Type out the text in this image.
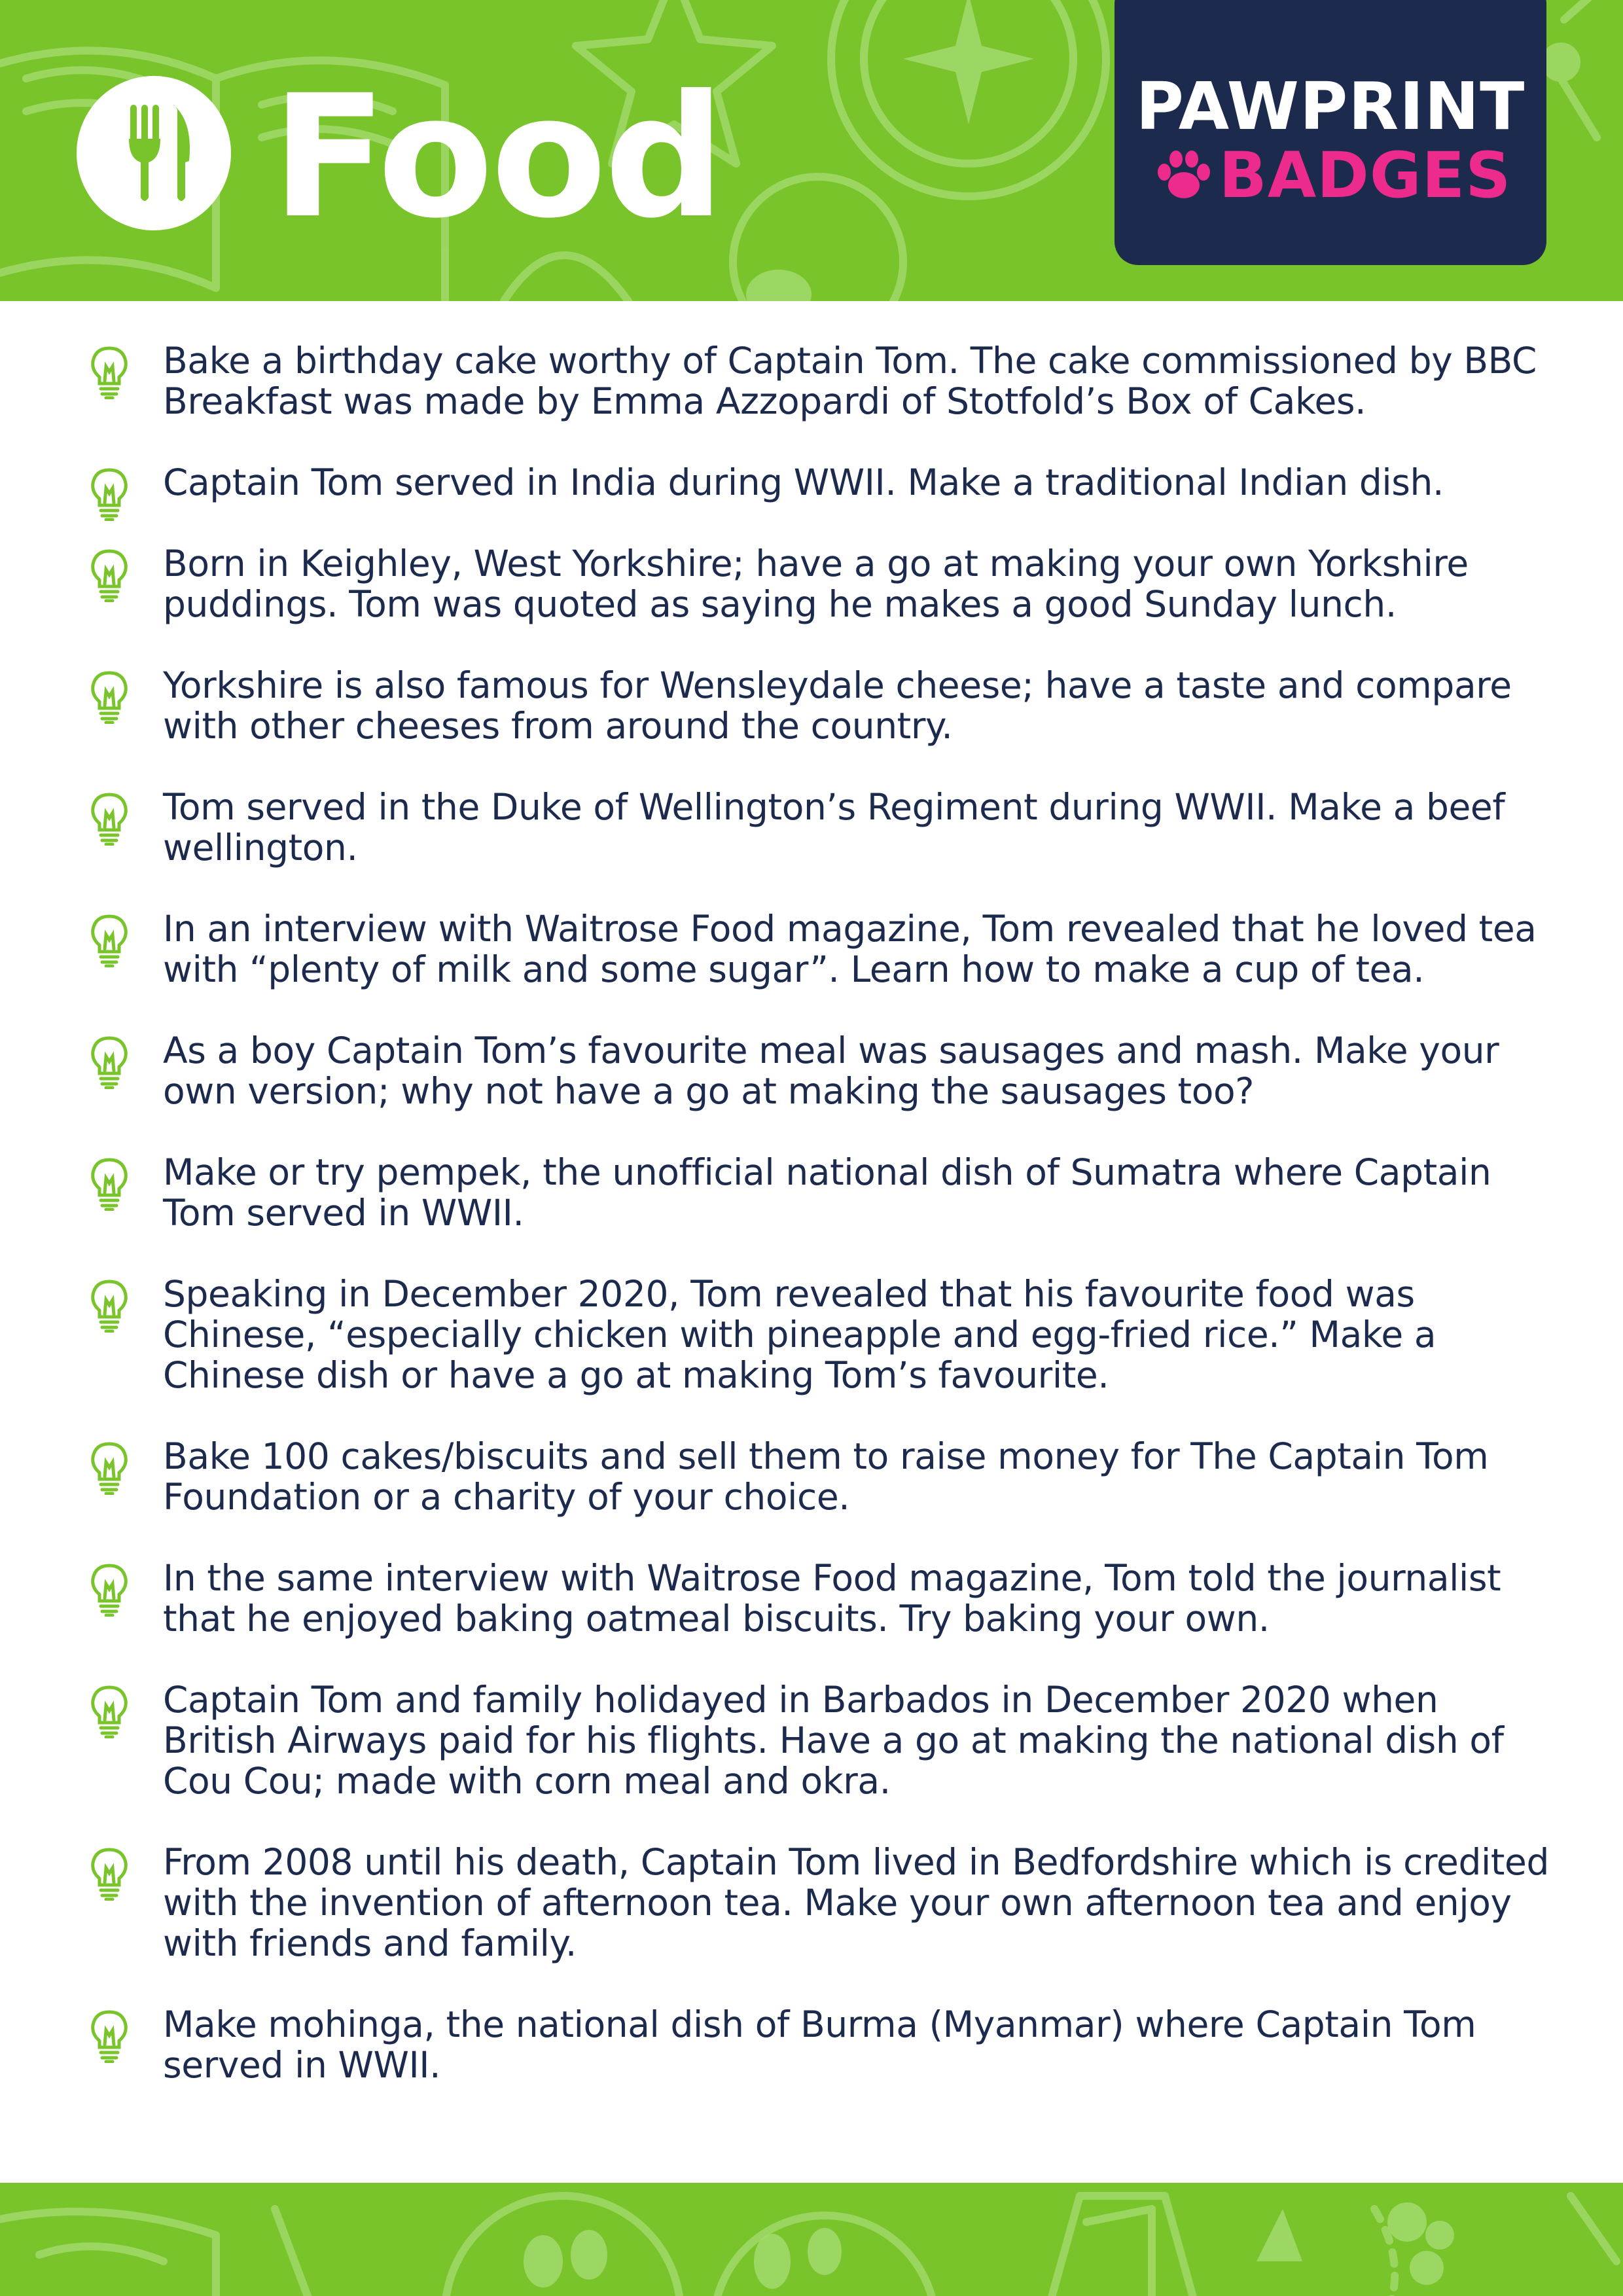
Food	PAWPRINT
BADGES
Bake a birthday cake worthy of Captain Tom. The cake commissioned by BBC Breakfast was made by Emma Azzopardi of Stotfold’s Box of Cakes.
Captain Tom served in India during WWII. Make a traditional Indian dish.
Born in Keighley, West Yorkshire; have a go at making your own Yorkshire puddings. Tom was quoted as saying he makes a good Sunday lunch.
Yorkshire is also famous for Wensleydale cheese; have a taste and compare with other cheeses from around the country.
Tom served in the Duke of Wellington’s Regiment during WWII. Make a beef wellington.
In an interview with Waitrose Food magazine, Tom revealed that he loved tea with “plenty of milk and some sugar”. Learn how to make a cup of tea.
As a boy Captain Tom’s favourite meal was sausages and mash. Make your own version; why not have a go at making the sausages too?
Make or try pempek, the unofficial national dish of Sumatra where Captain Tom served in WWII.
Speaking in December 2020, Tom revealed that his favourite food was Chinese, “especially chicken with pineapple and egg-fried rice.” Make a Chinese dish or have a go at making Tom’s favourite.
Bake 100 cakes/biscuits and sell them to raise money for The Captain Tom Foundation or a charity of your choice.
In the same interview with Waitrose Food magazine, Tom told the journalist that he enjoyed baking oatmeal biscuits. Try baking your own.
Captain Tom and family holidayed in Barbados in December 2020 when British Airways paid for his flights. Have a go at making the national dish of Cou Cou; made with corn meal and okra.
From 2008 until his death, Captain Tom lived in Bedfordshire which is credited with the invention of afternoon tea. Make your own afternoon tea and enjoy with friends and family.
Make mohinga, the national dish of Burma (Myanmar) where Captain Tom served in WWII.
